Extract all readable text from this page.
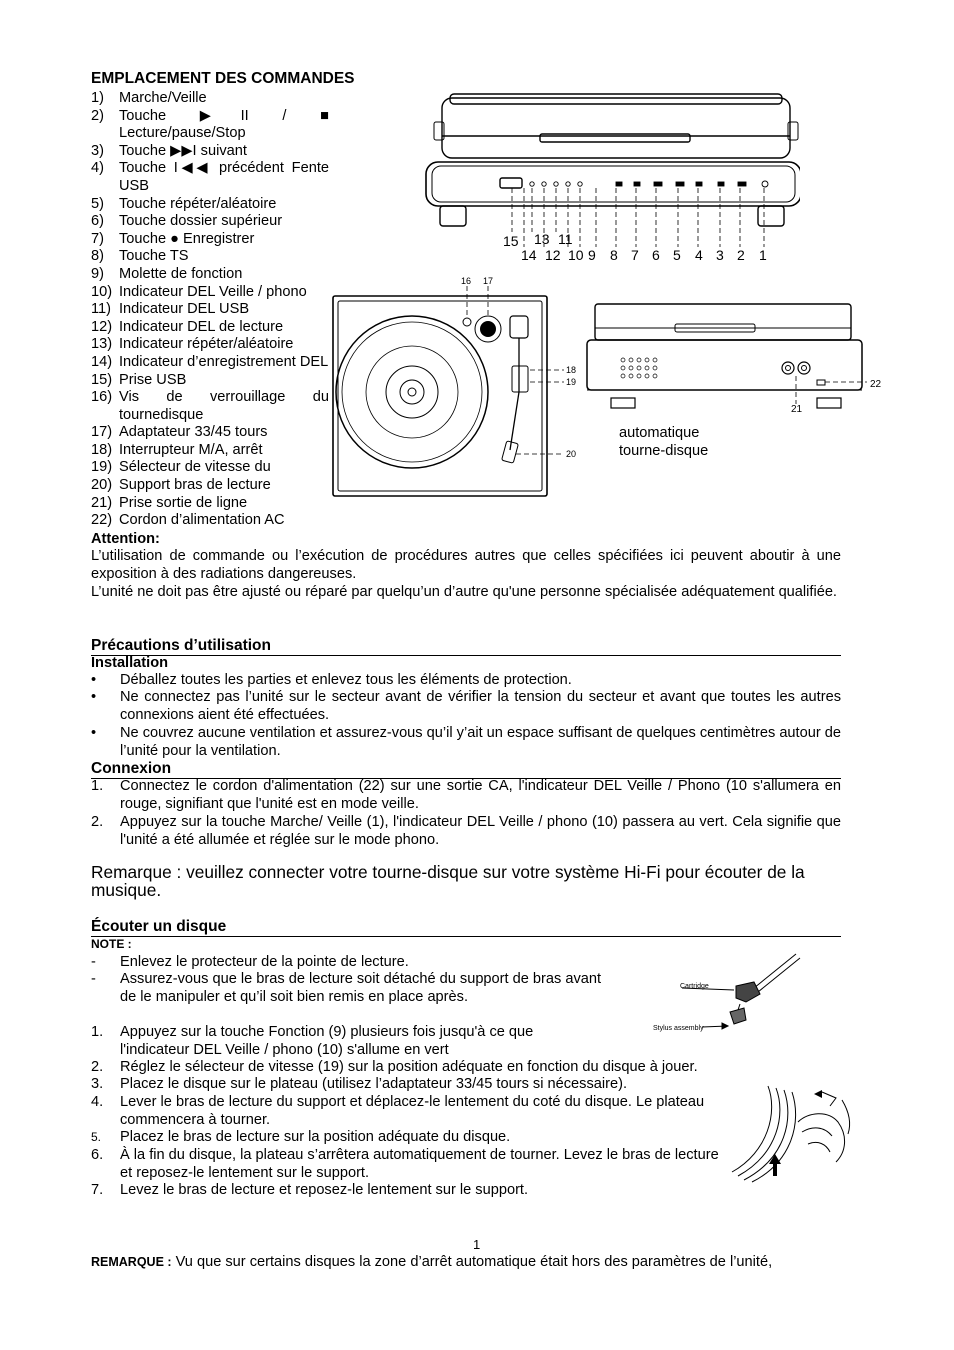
EMPLACEMENT DES COMMANDES
1)	Marche/Veille
2)	Touche ▶II / ■ Lecture/pause/Stop
3)	Touche ▶▶I suivant
4)	Touche I◀◀ précédent Fente USB
5)	Touche répéter/aléatoire
6)	Touche dossier supérieur
7)	Touche ● Enregistrer
8)	Touche TS
9)	Molette de fonction
10) Indicateur DEL Veille / phono
11) Indicateur DEL USB
12) Indicateur DEL de lecture
13) Indicateur répéter/aléatoire
14) Indicateur d’enregistrement DEL
15) Prise USB
16) Vis de verrouillage du tournedisque
17) Adaptateur 33/45 tours
18) Interrupteur M/A, arrêt
19) Sélecteur de vitesse du
20) Support bras de lecture
21) Prise sortie de ligne
22) Cordon d’alimentation AC
15 13 11
14 12 10 9 8 7 6 5 4 3 2 1
16 17
18
19
20
22
21
automatique
tourne-disque
Attention:
L’utilisation de commande ou l’exécution de procédures autres que celles spécifiées ici peuvent aboutir à une exposition à des radiations dangereuses.
L’unité ne doit pas être ajusté ou réparé par quelqu’un d’autre qu'une personne spécialisée adéquatement qualifiée.
Précautions d’utilisation
Installation
•	Déballez toutes les parties et enlevez tous les éléments de protection.
•	Ne connectez pas l’unité sur le secteur avant de vérifier la tension du secteur et avant que toutes les autres connexions aient été effectuées.
•	Ne couvrez aucune ventilation et assurez-vous qu’il y’ait un espace suffisant de quelques centimètres autour de l’unité pour la ventilation.
Connexion
1.	Connectez le cordon d'alimentation (22) sur une sortie CA, l'indicateur DEL Veille / Phono (10 s'allumera en rouge, signifiant que l'unité est en mode veille.
2.	Appuyez sur la touche Marche/ Veille (1), l'indicateur DEL Veille / phono (10) passera au vert. Cela signifie que l'unité a été allumée et réglée sur le mode phono.
Remarque : veuillez connecter votre tourne-disque sur votre système Hi-Fi pour écouter de la musique.
Écouter un disque
NOTE :
-	Enlevez le protecteur de la pointe de lecture.
-	Assurez-vous que le bras de lecture soit détaché du support de bras avant de le manipuler et qu’il soit bien remis en place après.
1.	Appuyez sur la touche Fonction (9) plusieurs fois jusqu'à ce que l'indicateur DEL Veille / phono (10) s'allume en vert
2.	Réglez le sélecteur de vitesse (19) sur la position adéquate en fonction du disque à jouer.
3.	Placez le disque sur le plateau (utilisez l’adaptateur 33/45 tours si nécessaire).
4.	Lever le bras de lecture du support et déplacez-le lentement du coté du disque. Le plateau commencera à tourner.
5.	Placez le bras de lecture sur la position adéquate du disque.
6.	À la fin du disque, la plateau s’arrêtera automatiquement de tourner. Levez le bras de lecture et reposez-le lentement sur le support.
7.	Levez le bras de lecture et reposez-le lentement sur le support.
Cartridge
Stylus assembly
1
REMARQUE : Vu que sur certains disques la zone d’arrêt automatique était hors des paramètres de l’unité,
